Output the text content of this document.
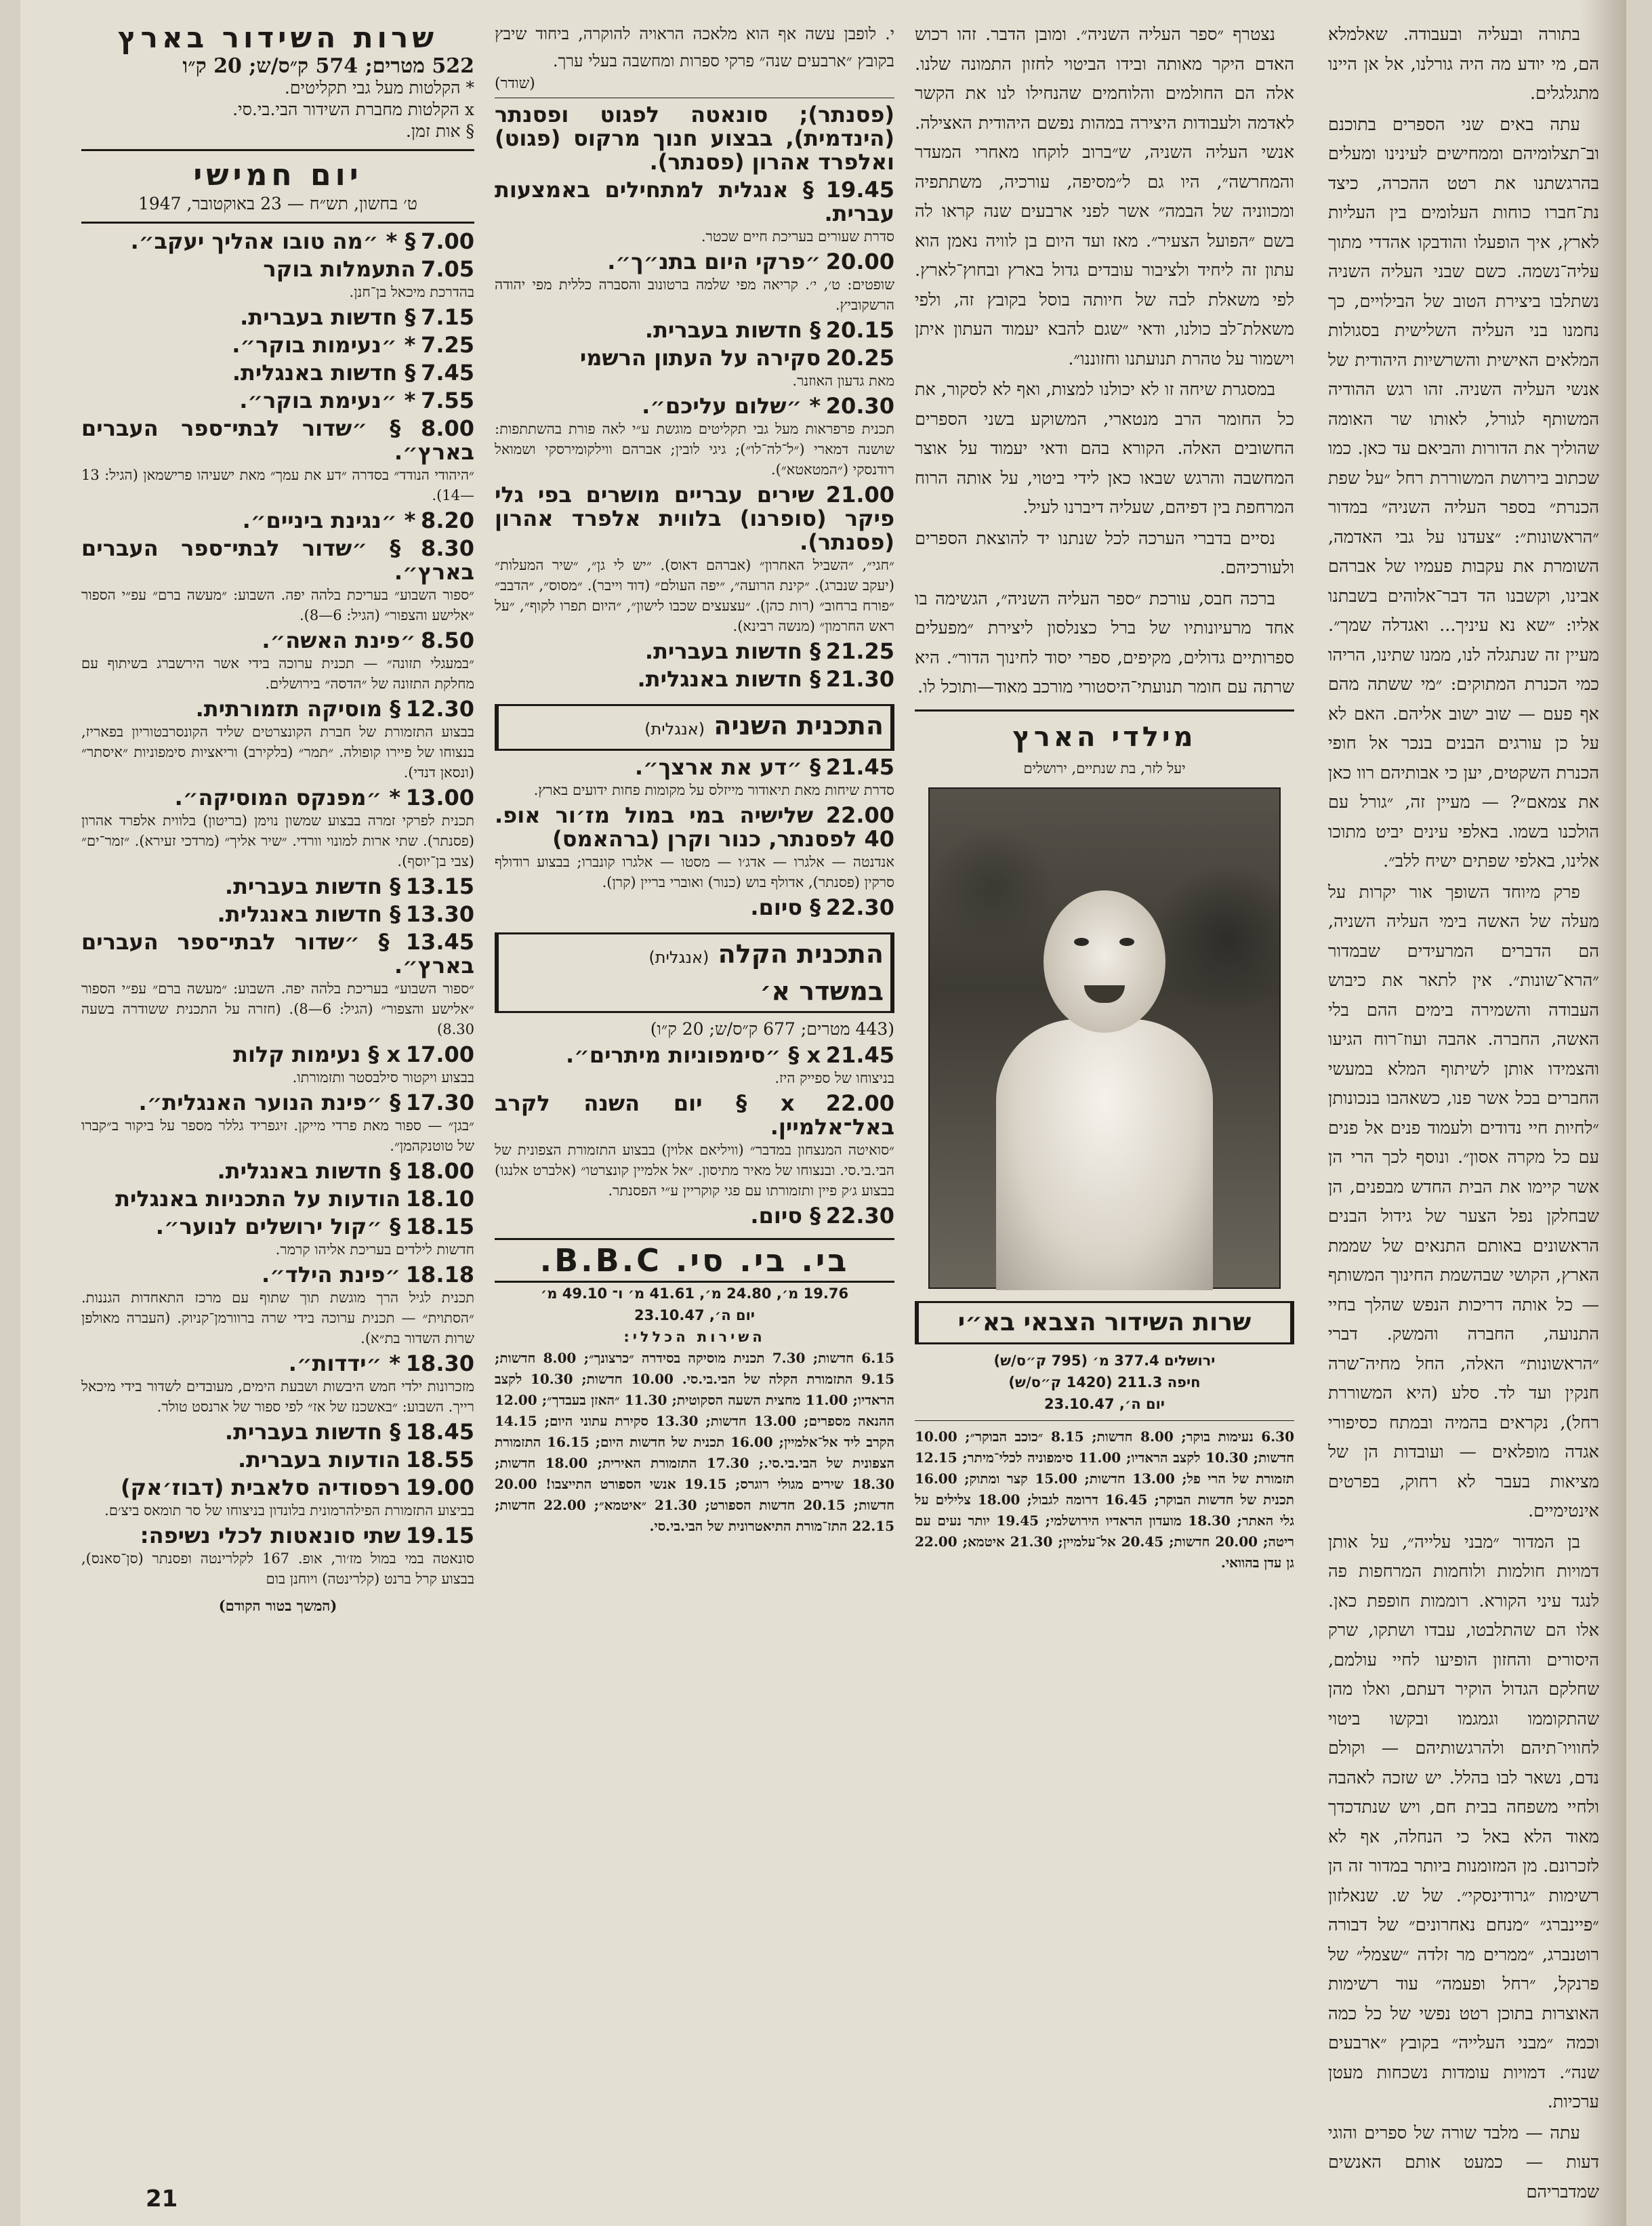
בתורה ובעליה ובעבודה. שאלמלא הם, מי יודע מה היה גורלנו, אל אן היינו מתגלגלים.

עתה באים שני הספרים בתוכנם וב־תצלומיהם וממחישים לעינינו ומעלים בהרגשתנו את רטט ההכרה, כיצד נת־חברו כוחות העלומים בין העליות לארץ, איך הופעלו והודבקו אהדדי מתוך עליה־נשמה. כשם שבני העליה השניה נשתלבו ביצירת הטוב של הבילויים, כך נחמנו בני העליה השלישית בסגולות המלאים האישית והשרשיות היהודית של אנשי העליה השניה. זהו רגש ההודיה המשותף לגורל, לאותו שר האומה שהוליך את הדורות והביאם עד כאן. כמו שכתוב בירושת המשוררת רחל ״על שפת הכנרת״ בספר העליה השניה״ במדור ״הראשונות״: ״צעדנו על גבי האדמה, השומרת את עקבות פעמיו של אברהם אבינו, וקשבנו הד דבר־אלוהים בשבתנו אליו: ״שא נא עיניך... ואגדלה שמך״. מעיין זה שנתגלה לנו, ממנו שתינו, הריהו כמי הכנרת המתוקים: ״מי ששתה מהם אף פעם — שוב ישוב אליהם. האם לא על כן עורגים הבנים בנכר אל חופי הכנרת השקטים, יען כי אבותיהם רוו כאן את צמאם״? — מעיין זה, ״גורל עם הולכנו בשמו. באלפי עינים יביט מתוכו אלינו, באלפי שפתים ישיח ללב״.

פרק מיוחד השופך אור יקרות על מעלה של האשה בימי העליה השניה, הם הדברים המרעידים שבמדור ״הרא־שונות״. אין לתאר את כיבוש העבודה והשמירה בימים ההם בלי האשה, החברה. אהבה ועוז־רוח הגיעו והצמידו אותן לשיתוף המלא במעשי החברים בכל אשר פנו, כשאהבו בנכונותן ״לחיות חיי נדודים ולעמוד פנים אל פנים עם כל מקרה אסון״. ונוסף לכך הרי הן אשר קיימו את הבית החדש מבפנים, הן שבחלקן נפל הצער של גידול הבנים הראשונים באותם התנאים של שממת הארץ, הקושי שבהשמת החינוך המשותף — כל אותה דריכות הנפש שהלך בחיי התנועה, החברה והמשק. דברי ״הראשונות״ האלה, החל מחיה־שרה חנקין ועד לד. סלע (היא המשוררת רחל), נקראים בהמיה ובמתח כסיפורי אגדה מופלאים — ועובדות הן של מציאות בעבר לא רחוק, בפרטים אינטימיים.

בן המדור ״מבני עלייה״, על אותן דמויות חולמות ולוחמות המרחפות פה לנגד עיני הקורא. רוממות חופפת כאן. אלו הם שהתלבטו, עבדו ושתקו, שרק היסורים והחזון הופיעו לחיי עולמם, שחלקם הגדול הוקיר דעתם, ואלו מהן שהתקוממו וגמגמו ובקשו ביטוי לחוויו־תיהם ולהרגשותיהם — וקולם נדם, נשאר לבו בהלל. יש שזכה לאהבה ולחיי משפחה בבית חם, ויש שנתדכדך מאוד הלא באל כי הנחלה, אף לא לזכרונם. מן המזומנות ביותר במדור זה הן רשימות ״גרודינסקי״. של ש. שנאלזון ״פיינברג״ ״מנחם נאחרונים״ של דבורה רוטנברג, ״ממרים מר זלדה ״שצמל״ של פרנקל, ״רחל ופעמה״ עוד רשימות האוצרות בתוכן רטט נפשי של כל כמה וכמה ״מבני העלייה״ בקובץ ״ארבעים שנה״. דמויות עומדות נשכחות מעטן ערכיות.

עתה — מלבד שורה של ספרים והוגי דעות — כמעט אותם האנשים שמדבריהם

נצטרף ״ספר העליה השניה״. ומובן הדבר. זהו רכוש האדם היקר מאותה ובידו הביטוי לחזון התמונה שלנו. אלה הם החולמים והלוחמים שהנחילו לנו את הקשר לאדמה ולעבודות היצירה במהות נפשם היהודית האצילה. אנשי העליה השניה, ש״ברוב לוקחו מאחרי המעדר והמחרשה״, היו גם ל״מסיפה, עורכיה, משתתפיה ומכווניה של הבמה״ אשר לפני ארבעים שנה קראו לה בשם ״הפועל הצעיר״. מאז ועד היום בן לוויה נאמן הוא עתון זה ליחיד ולציבור עובדים גדול בארץ ובחוץ־לארץ. לפי משאלת לבה של חיותה בוסל בקובץ זה, ולפי משאלת־לב כולנו, ודאי ״שגם להבא יעמוד העתון איתן וישמור על טהרת תנועתנו וחזוננו״.

במסגרת שיחה זו לא יכולנו למצות, ואף לא לסקור, את כל החומר הרב מנטארי, המשוקע בשני הספרים החשובים האלה. הקורא בהם ודאי יעמוד על אוצר המחשבה והרגש שבאו כאן לידי ביטוי, על אותה הרוח המרחפת בין דפיהם, שעליה דיברנו לעיל.

נסיים בדברי הערכה לכל שנתנו יד להוצאת הספרים ולעורכיהם.

ברכה חבס, עורכת ״ספר העליה השניה״, הגשימה בו אחד מרעיונותיו של ברל כצנלסון ליצירת ״מפעלים ספרותיים גדולים, מקיפים, ספרי יסוד לחינוך הדור״. היא שרתה עם חומר תנועתי־היסטורי מורכב מאוד—ותוכל לו.

מילדי הארץ
יעל לזר, בת שנתיים, ירושלים
שרות השידור הצבאי בא״י
ירושלים 377.4 מ׳ (795 ק״ס/ש)
חיפה 211.3 (1420 ק״ס/ש)
יום ה׳, 23.10.47
6.30 נעימות בוקר; 8.00 חדשות; 8.15 ״כוכב הבוקר״; 10.00 חדשות; 10.30 לקצב הראדיו; 11.00 סימפוניה לכלי־מיתר; 12.15 תזמורת של הרי פל; 13.00 חדשות; 15.00 קצר ומתוק; 16.00 תכנית של חדשות הבוקר; 16.45 דרומה לגבול; 18.00 צלילים על גלי האתר; 18.30 מועדון הראדיו הירושלמי; 19.45 יותר נעים עם ריטה; 20.00 חדשות; 20.45 אל־עלמיין; 21.30 איטמא; 22.00 גן עדן בהוואי.
י. לופבן עשה אף הוא מלאכה הראויה להוקרה, ביחוד שיבץ בקובץ ״ארבעים שנה״ פרקי ספרות ומחשבה בעלי ערך.
(שודר)
(פסנתר); סונאטה לפגוט ופסנתר (הינדמית), בבצוע חנוך מרקוס (פגוט) ואלפרד אהרון (פסנתר).
19.45 § אנגלית למתחילים באמצעות עברית.
סדרת שעורים בעריכת חיים שכטר.
20.00 ״פרקי היום בתנ״ך״.
שופטים: ט׳, י׳. קריאה מפי שלמה ברטונוב והסברה כללית מפי יהודה הרשקוביץ.
20.15 § חדשות בעברית.
20.25 סקירה על העתון הרשמי
מאת גדעון האוזנר.
20.30 * ״שלום עליכם״.
תכנית פרפראות מעל גבי תקליטים מוגשת ע״י לאה פורת בהשתתפות: שושנה דמארי (״ל־לה־לו״); גיגי לובין; אברהם ווילקומירסקי ושמואל רודנסקי (״המטאטא״).
21.00 שירים עבריים מושרים בפי גלי פיקר (סופרנו) בלווית אלפרד אהרון (פסנתר).
״חגי״, ״השביל האחרון״ (אברהם דאוס). ״יש לי גן״, ״שיר המעלות״ (יעקב שנברג). ״קינת הרועה״, ״יפה העולם״ (דוד וייבר). ״מסוס״, ״הדבב״ ״פורח ברחוב״ (רות כהן). ״עצעצים שכבו לישון״, ״היום תפרו לקוף״, ״על ראש החרמון״ (מנשה רבינא).
21.25 § חדשות בעברית.
21.30 § חדשות באנגלית.
התכנית השניה (אנגלית)
21.45 § ״דע את ארצך״.
סדרת שיחות מאת תיאודור מייזלס על מקומות פחות ידועים בארץ.
22.00 שלישיה במי במול מז׳ור אופ. 40 לפסנתר, כנור וקרן (ברהאמס)
אנדנטה — אלגרו — אדג׳ו — מסטו — אלגרו קונברו; בבצוע רודולף סרקין (פסנתר), אדולף בוש (כנור) ואוברי בריין (קרן).
22.30 § סיום.
התכנית הקלה (אנגלית)
במשדר א׳
(443 מטרים; 677 ק״ס/ש; 20 ק״ו)
21.45 x § ״סימפוניות מיתרים״.
בניצוחו של ספייק היז.
22.00 x § יום השנה לקרב באל־אלמיין.
״סואיטה המנצחון במדבר״ (וויליאם אלוין) בבצוע התזמורת הצפונית של הבי.בי.סי. ובנצוחו של מאיר מתיסון. ״אל אלמיין קונצרטו״ (אלברט אלנגו) בבצוע ג׳ק פיין ותזמורתו עם פגי קוקריין ע״י הפסנתר.
22.30 § סיום.
בי. בי. סי. B.B.C.
19.76 מ׳, 24.80 מ׳, 41.61 מ׳ ו־ 49.10 מ׳
יום ה׳, 23.10.47
השירות הכללי:
6.15 חדשות; 7.30 תכנית מוסיקה בסידרה ״כרצונך״; 8.00 חדשות; 9.15 התזמורת הקלה של הבי.בי.סי. 10.00 חדשות; 10.30 לקצב הראדיו; 11.00 מחצית השעה הסקוטית; 11.30 ״האזן בעבדך״; 12.00 ההנאה מספרים; 13.00 חדשות; 13.30 סקירת עתוני היום; 14.15 הקרב ליד אל־אלמיין; 16.00 תכנית של חדשות היום; 16.15 התזמורת הצפונית של הבי.בי.סי.; 17.30 התזמורת האירית; 18.00 חדשות; 18.30 שירים מגולי רוגרס; 19.15 אנשי הספורט התייצבו! 20.00 חדשות; 20.15 חדשות הספורט; 21.30 ״איטמא״; 22.00 חדשות; 22.15 התז־מורת התיאטרונית של הבי.בי.סי.
שרות השידור בארץ
522 מטרים; 574 ק״ס/ש; 20 ק״ו
* הקלטות מעל גבי תקליטים.
x הקלטות מחברת השידור הבי.בי.סי.
§ אות זמן.
יום חמישי
ט׳ בחשון, תש״ח — 23 באוקטובר, 1947
7.00 § * ״מה טובו אהליך יעקב״.
7.05 התעמלות בוקר
בהדרכת מיכאל בן־חנן.
7.15 § חדשות בעברית.
7.25 * ״נעימות בוקר״.
7.45 § חדשות באנגלית.
7.55 * ״נעימת בוקר״.
8.00 § ״שדור לבתי־ספר העברים בארץ״.
״היהודי הנודד״ בסדרה ״דע את עמך״ מאת ישעיהו פרישמאן (הגיל: 13—14).
8.20 * ״נגינת ביניים״.
8.30 § ״שדור לבתי־ספר העברים בארץ״.
״ספור השבוע״ בעריכת בלהה יפה. השבוע: ״מעשה ברם״ עפ״י הספור ״אלישע והצפור״ (הגיל: 6—8).
8.50 ״פינת האשה״.
״במעגלי תזונה״ — תכנית ערוכה בידי אשר הירשברג בשיתוף עם מחלקת התזונה של ״הדסה״ בירושלים.
12.30 § מוסיקה תזמורתית.
בבצוע התזמורת של חברת הקונצרטים שליד הקונסרבטוריון בפאריז, בנצוחו של פיירו קופולה. ״תמר״ (בלקירב) וריאציות סימפוניות ״איסתר״ (ונסאן דנדי).
13.00 * ״מפנקס המוסיקה״.
תכנית לפרקי זמרה בבצוע שמשון נוימן (בריטון) בלווית אלפרד אהרון (פסנתר). שתי ארות למונוי וורדי. ״שיר אליך״ (מרדכי זעירא). ״זמר־ים״ (צבי בן־יוסף).
13.15 § חדשות בעברית.
13.30 § חדשות באנגלית.
13.45 § ״שדור לבתי־ספר העברים בארץ״.
״ספור השבוע״ בעריכת בלהה יפה. השבוע: ״מעשה ברם״ עפ״י הספור ״אלישע והצפור״ (הגיל: 6—8). (חזרה על התכנית ששודרה בשעה 8.30)
17.00 x § נעימות קלות
בבצוע ויקטור סילבסטר ותזמורתו.
17.30 § ״פינת הנוער האנגלית״.
״בגן״ — ספור מאת פרדי מייקן. זיגפריד גללר מספר על ביקור ב״קברו של טוטנקהמן״.
18.00 § חדשות באנגלית.
18.10 הודעות על התכניות באנגלית
18.15 § ״קול ירושלים לנוער״.
חדשות לילדים בעריכת אליהו קרמר.
18.18 ״פינת הילד״.
תכנית לגיל הרך מוגשת תוך שתוף עם מרכז התאחדות הגננות. ״הסתוית״ — תכנית ערוכה בידי שרה ברוורמן־קניוק. (העברה מאולפן שרות השדור בת״א).
18.30 * ״ידדות״.
מזכרונות ילדי חמש היבשות ושבעת הימים, מעובדים לשדור בידי מיכאל רייך. השבוע: ״באשכנז של אז״ לפי ספור של ארנסט טולר.
18.45 § חדשות בעברית.
18.55 הודעות בעברית.
19.00 רפסודיה סלאבית (דבוז׳אק)
בביצוע התזמורת הפילהרמונית בלונדון בניצוחו של סר תומאס ביצ׳ם.
19.15 שתי סונאטות לכלי נשיפה:
סונאטה במי במול מז׳ור, אופ. 167 לקלרינטה ופסנתר (סן־סאנס), בבצוע קרל ברנט (קלרינטה) ויוחנן בום
(המשך בטור הקודם)
21
